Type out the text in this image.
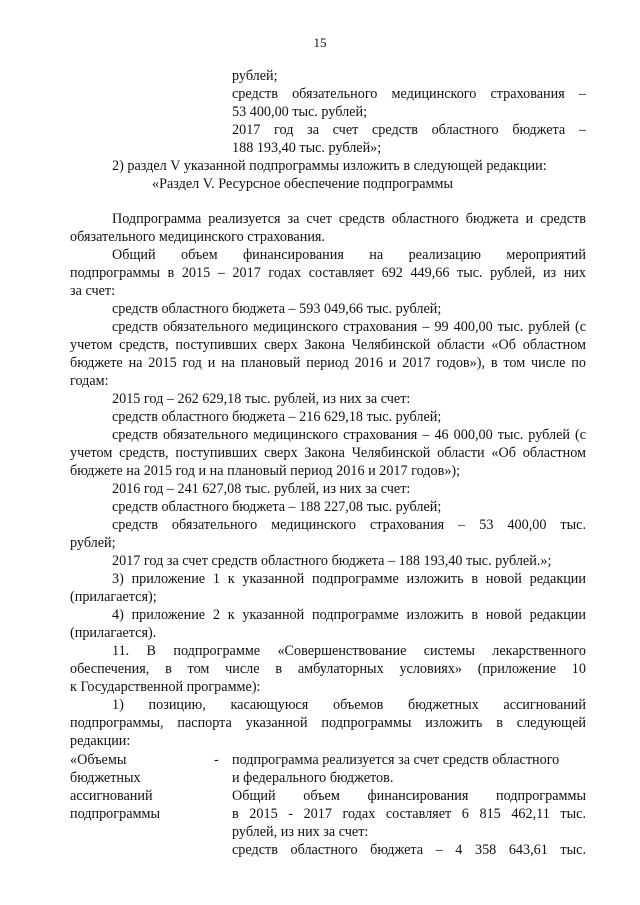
15
рублей;
средств обязательного медицинского страхования –
53 400,00 тыс. рублей;
2017 год за счет средств областного бюджета –
188 193,40 тыс. рублей»;
2) раздел V указанной подпрограммы изложить в следующей редакции:
«Раздел V. Ресурсное обеспечение подпрограммы
Подпрограмма реализуется за счет средств областного бюджета и средств
обязательного медицинского страхования.
Общий объем финансирования на реализацию мероприятий
подпрограммы в 2015 – 2017 годах составляет 692 449,66 тыс. рублей, из них
за счет:
средств областного бюджета – 593 049,66 тыс. рублей;
средств обязательного медицинского страхования – 99 400,00 тыс. рублей (с
учетом средств, поступивших сверх Закона Челябинской области «Об областном
бюджете на 2015 год и на плановый период 2016 и 2017 годов»), в том числе по
годам:
2015 год – 262 629,18 тыс. рублей, из них за счет:
средств областного бюджета – 216 629,18 тыс. рублей;
средств обязательного медицинского страхования – 46 000,00 тыс. рублей (с
учетом средств, поступивших сверх Закона Челябинской области «Об областном
бюджете на 2015 год и на плановый период 2016 и 2017 годов»);
2016 год – 241 627,08 тыс. рублей, из них за счет:
средств областного бюджета – 188 227,08 тыс. рублей;
средств обязательного медицинского страхования – 53 400,00 тыс.
рублей;
2017 год за счет средств областного бюджета – 188 193,40 тыс. рублей.»;
3) приложение 1 к указанной подпрограмме изложить в новой редакции
(прилагается);
4) приложение 2 к указанной подпрограмме изложить в новой редакции
(прилагается).
11. В подпрограмме «Совершенствование системы лекарственного
обеспечения, в том числе в амбулаторных условиях» (приложение 10
к Государственной программе):
1) позицию, касающуюся объемов бюджетных ассигнований
подпрограммы, паспорта указанной подпрограммы изложить в следующей
редакции:
«Объемы
бюджетных
ассигнований
подпрограммы
- подпрограмма реализуется за счет средств областного
и федерального бюджетов.
Общий объем финансирования подпрограммы
в 2015 - 2017 годах составляет 6 815 462,11 тыс.
рублей, из них за счет:
средств областного бюджета – 4 358 643,61 тыс.
